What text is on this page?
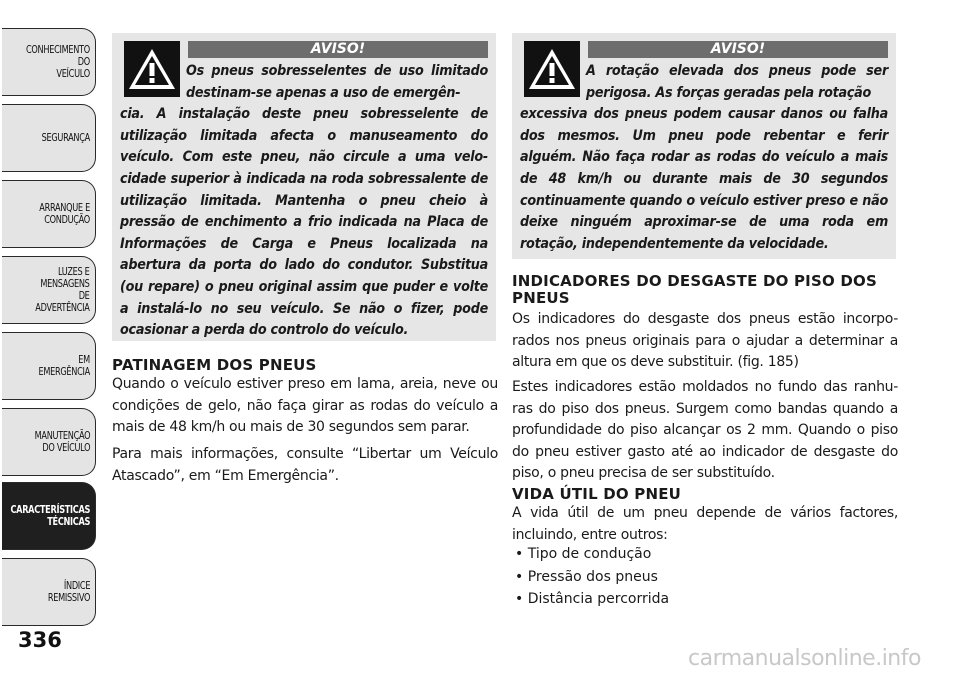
CONHECIMENTO
DO
VEÍCULO
SEGURANÇA
ARRANQUE E
CONDUÇÃO
LUZES E
MENSAGENS
DE
ADVERTÊNCIA
EM
EMERGÊNCIA
MANUTENÇÃO
DO VEÍCULO
CARACTERÍSTICAS
TÉCNICAS
ÍNDICE
REMISSIVO
336
AVISO!
Os pneus sobresselentes de uso limitado destinam-se apenas a uso de emergên-
cia. A instalação deste pneu sobresselente de utilização limitada afecta o manuseamento do veículo. Com este pneu, não circule a uma velo-cidade superior à indicada na roda sobressalente de utilização limitada. Mantenha o pneu cheio à pressão de enchimento a frio indicada na Placa de Informações de Carga e Pneus localizada na abertura da porta do lado do condutor. Substitua (ou repare) o pneu original assim que puder e volte a instalá-lo no seu veículo. Se não o fizer, pode ocasionar a perda do controlo do veículo.
PATINAGEM DOS PNEUS
Quando o veículo estiver preso em lama, areia, neve ou condições de gelo, não faça girar as rodas do veículo a mais de 48 km/h ou mais de 30 segundos sem parar.
Para mais informações, consulte “Libertar um Veículo Atascado”, em “Em Emergência”.
AVISO!
A rotação elevada dos pneus pode ser perigosa. As forças geradas pela rotação
excessiva dos pneus podem causar danos ou falha dos mesmos. Um pneu pode rebentar e ferir alguém. Não faça rodar as rodas do veículo a mais de 48 km/h ou durante mais de 30 segundos continuamente quando o veículo estiver preso e não deixe ninguém aproximar-se de uma roda em rotação, independentemente da velocidade.
INDICADORES DO DESGASTE DO PISO DOS PNEUS
Os indicadores do desgaste dos pneus estão incorpo-rados nos pneus originais para o ajudar a determinar a altura em que os deve substituir. (fig. 185)
Estes indicadores estão moldados no fundo das ranhu-ras do piso dos pneus. Surgem como bandas quando a profundidade do piso alcançar os 2 mm. Quando o piso do pneu estiver gasto até ao indicador de desgaste do piso, o pneu precisa de ser substituído.
VIDA ÚTIL DO PNEU
A vida útil de um pneu depende de vários factores, incluindo, entre outros:
• Tipo de condução
• Pressão dos pneus
• Distância percorrida
carmanualsonline.info
